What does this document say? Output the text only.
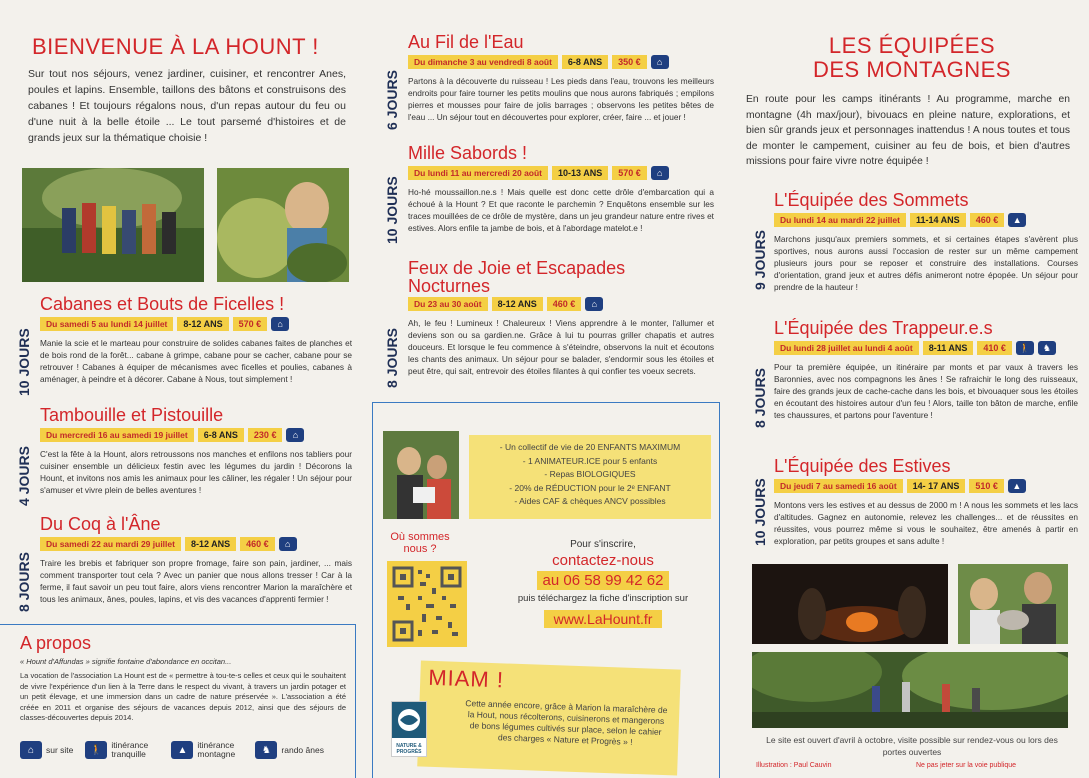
BIENVENUE À LA HOUNT !
Sur tout nos séjours, venez jardiner, cuisiner, et rencontrer Anes, poules et lapins. Ensemble, taillons des bâtons et construisons des cabanes ! Et toujours régalons nous, d'un repas autour du feu ou d'une nuit à la belle étoile ... Le tout parsemé d'histoires et de grands jeux sur la thématique choisie !
Cabanes et Bouts de Ficelles !
Du samedi 5 au lundi 14 juillet	8-12 ANS	570 €	⌂
Manie la scie et le marteau pour construire de solides cabanes faites de planches et de bois rond de la forêt... cabane à grimpe, cabane pour se cacher, cabane pour se retrouver ! Cabanes à équiper de mécanismes avec ficelles et poulies, cabanes à aménager, à peindre et à décorer. Cabane à Nous, tout simplement !
10 JOURS
Tambouille et Pistouille
Du mercredi 16 au samedi 19 juillet	6-8 ANS	230 €	⌂
C'est la fête à la Hount, alors retroussons nos manches et enfilons nos tabliers pour cuisiner ensemble un délicieux festin avec les légumes du jardin ! Décorons la Hount, et invitons nos amis les animaux pour les câliner, les régaler ! Un séjour pour s'amuser et vivre plein de belles aventures !
4 JOURS
Du Coq à l'Âne
Du samedi 22 au mardi 29 juillet	8-12 ANS	460 €	⌂
Traire les brebis et fabriquer son propre fromage, faire son pain, jardiner, ... mais comment transporter tout cela ? Avec un panier que nous allons tresser ! Car à la ferme, il faut savoir un peu tout faire, alors viens rencontrer Marion la maraîchère et tous les animaux, ânes, poules, lapins, et vis des vacances d'apprenti fermier !
8 JOURS
A propos
« Hount d'Affundas » signifie fontaine d'abondance en occitan...
La vocation de l'association La Hount est de « permettre à tou-te-s celles et ceux qui le souhaitent de vivre l'expérience d'un lien à la Terre dans le respect du vivant, à travers un jardin potager et un petit élevage, et une immersion dans un cadre de nature préservée ». L'association a été créée en 2011 et organise des séjours de vacances depuis 2012, ainsi que des séjours de classes-découvertes depuis 2014.
⌂	sur site	🚶	itinérance tranquille	▲	itinérance montagne	♞	rando ânes
Au Fil de l'Eau
Du dimanche 3 au vendredi 8 août	6-8 ANS	350 €	⌂
Partons à la découverte du ruisseau ! Les pieds dans l'eau, trouvons les meilleurs endroits pour faire tourner les petits moulins que nous aurons fabriqués ; empilons pierres et mousses pour faire de jolis barrages ; observons les petites bêtes de l'eau ... Un séjour tout en découvertes pour explorer, créer, faire ... et jouer !
6 JOURS
Mille Sabords !
Du lundi 11 au mercredi 20 août	10-13 ANS	570 €	⌂
Ho-hé moussaillon.ne.s ! Mais quelle est donc cette drôle d'embarcation qui a échoué à la Hount ? Et que raconte le parchemin ? Enquêtons ensemble sur les traces mouillées de ce drôle de mystère, dans un jeu grandeur nature entre rives et estives. Alors enfile ta jambe de bois, et à l'abordage matelot.e !
10 JOURS
Feux de Joie et Escapades Nocturnes
Du 23 au 30 août	8-12 ANS	460 €	⌂
Ah, le feu ! Lumineux ! Chaleureux ! Viens apprendre à le monter, l'allumer et deviens son ou sa gardien.ne. Grâce à lui tu pourras griller chapatis et autres douceurs. Et lorsque le feu commence à s'éteindre, observons la nuit et écoutons les chants des animaux. Un séjour pour se balader, s'endormir sous les étoiles et peut être, qui sait, entrevoir des étoiles filantes à qui confier tes voeux secrets.
8 JOURS
- Un collectif de vie de 20 ENFANTS MAXIMUM
- 1 ANIMATEUR.ICE pour 5 enfants
- Repas BIOLOGIQUES
- 20% de RÉDUCTION pour le 2ᵉ ENFANT
- Aides CAF & chèques ANCV possibles
Où sommes nous ?	Pour s'inscrire,
contactez-nous
au 06 58 99 42 62
puis téléchargez la fiche d'inscription sur
www.LaHount.fr
MIAM !
Cette année encore, grâce à Marion la maraîchère de la Hout, nous récolterons, cuisinerons et mangerons de bons légumes cultivés sur place, selon le cahier des charges « Nature et Progrès » !
NATURE & PROGRÈS
LES ÉQUIPÉES
DES MONTAGNES
En route pour les camps itinérants ! Au programme, marche en montagne (4h max/jour), bivouacs en pleine nature, explorations, et bien sûr grands jeux et personnages inattendus ! A nous toutes et tous de monter le campement, cuisiner au feu de bois, et bien d'autres missions pour faire vivre notre équipée !
L'Équipée des Sommets
Du lundi 14 au mardi 22 juillet	11-14 ANS	460 €	▲
Marchons jusqu'aux premiers sommets, et si certaines étapes s'avèrent plus sportives, nous aurons aussi l'occasion de rester sur un même campement plusieurs jours pour se reposer et construire des installations. Courses d'orientation, grand jeux et autres défis animeront notre épopée. Un séjour pour prendre de la hauteur !
9 JOURS
L'Équipée des Trappeur.e.s
Du lundi 28 juillet au lundi 4 août	8-11 ANS	410 €	🚶	♞
Pour ta première équipée, un itinéraire par monts et par vaux à travers les Baronnies, avec nos compagnons les ânes ! Se rafraichir le long des ruisseaux, faire des grands jeux de cache-cache dans les bois, et bivouaquer sous les étoiles en écoutant des histoires autour d'un feu ! Alors, taille ton bâton de marche, enfile tes chaussures, et partons pour l'aventure !
8 JOURS
L'Équipée des Estives
Du jeudi 7 au samedi 16 août	14- 17 ANS	510 €	▲
Montons vers les estives et au dessus de 2000 m ! A nous les sommets et les lacs d'altitudes. Gagnez en autonomie, relevez les challenges... et de réussites en réussites, vous pourrez même si vous le souhaitez, être amenés à partir en exploration, par petits groupes et sans adulte !
10 JOURS
Le site est ouvert d'avril à octobre, visite possible sur rendez-vous ou lors des portes ouvertes
Illustration : Paul Cauvin	Ne pas jeter sur la voie publique
